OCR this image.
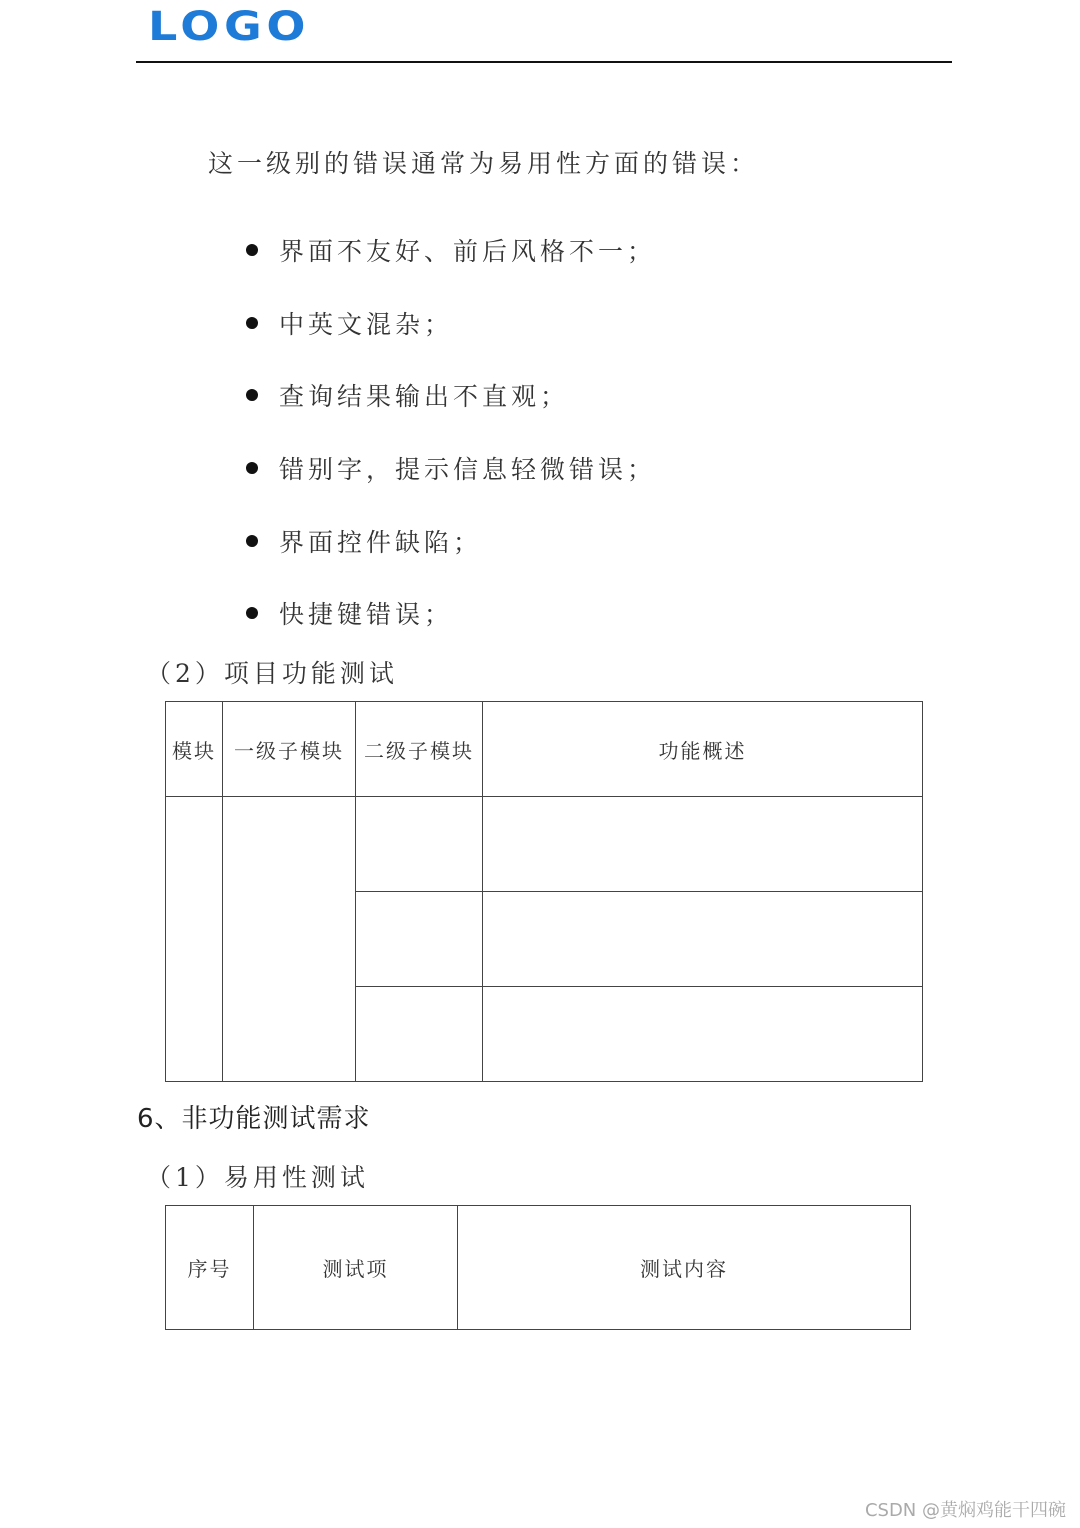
LOGO
这一级别的错误通常为易用性方面的错误：
界面不友好、前后风格不一；
中英文混杂；
查询结果输出不直观；
错别字，提示信息轻微错误；
界面控件缺陷；
快捷键错误；
（2）项目功能测试
模块	一级子模块	二级子模块	功能概述

6、非功能测试需求
（1）易用性测试
序号	测试项	测试内容
CSDN @黄焖鸡能干四碗
